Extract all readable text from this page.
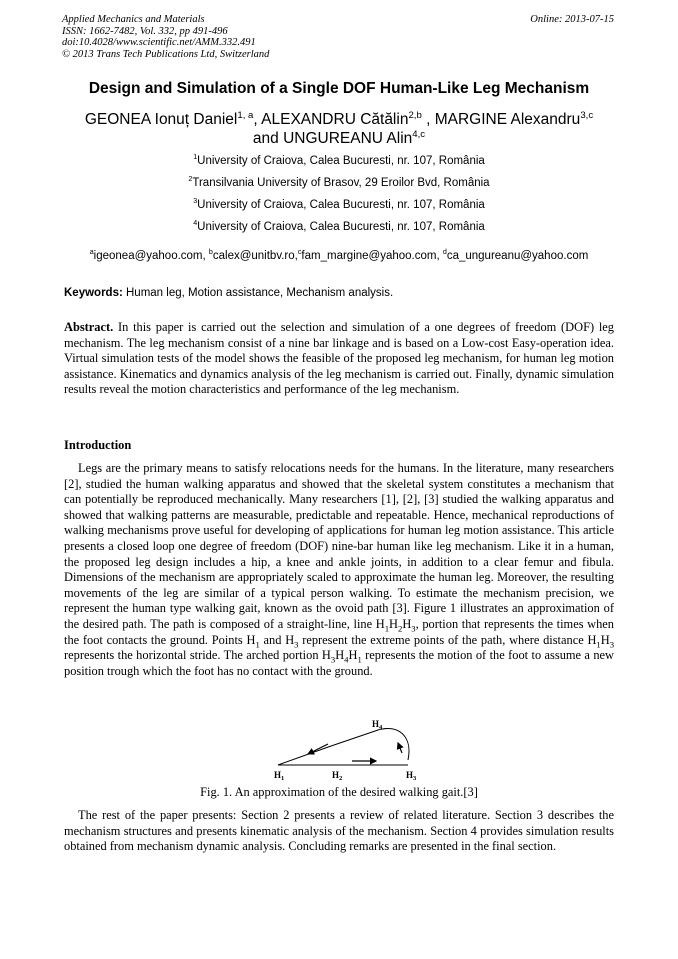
Applied Mechanics and Materials
ISSN: 1662-7482, Vol. 332, pp 491-496
doi:10.4028/www.scientific.net/AMM.332.491
© 2013 Trans Tech Publications Ltd, Switzerland
Online: 2013-07-15
Design and Simulation of a Single DOF Human-Like Leg Mechanism
GEONEA Ionuț Daniel$^{1, a}$, ALEXANDRU Cătălin$^{2,b}$ , MARGINE Alexandru$^{3,c}$
and UNGUREANU Alin$^{4,c}$
$^1$University of Craiova, Calea Bucuresti, nr. 107, România
$^2$Transilvania University of Brasov, 29 Eroilor Bvd, România
$^3$University of Craiova, Calea Bucuresti, nr. 107, România
$^4$University of Craiova, Calea Bucuresti, nr. 107, România
$^a$igeonea@yahoo.com, $^b$calex@unitbv.ro,$^c$fam_margine@yahoo.com, $^d$ca_ungureanu@yahoo.com
Keywords: Human leg, Motion assistance, Mechanism analysis.
Abstract. In this paper is carried out the selection and simulation of a one degrees of freedom (DOF) leg mechanism. The leg mechanism consist of a nine bar linkage and is based on a Low-cost Easy-operation idea. Virtual simulation tests of the model shows the feasible of the proposed leg mechanism, for human leg motion assistance. Kinematics and dynamics analysis of the leg mechanism is carried out. Finally, dynamic simulation results reveal the motion characteristics and performance of the leg mechanism.
Introduction
Legs are the primary means to satisfy relocations needs for the humans. In the literature, many researchers [2], studied the human walking apparatus and showed that the skeletal system constitutes a mechanism that can potentially be reproduced mechanically. Many researchers [1], [2], [3] studied the walking apparatus and showed that walking patterns are measurable, predictable and repeatable. Hence, mechanical reproductions of walking mechanisms prove useful for developing of applications for human leg motion assistance. This article presents a closed loop one degree of freedom (DOF) nine-bar human like leg mechanism. Like it in a human, the proposed leg design includes a hip, a knee and ankle joints, in addition to a clear femur and fibula. Dimensions of the mechanism are appropriately scaled to approximate the human leg. Moreover, the resulting movements of the leg are similar of a typical person walking. To estimate the mechanism precision, we represent the human type walking gait, known as the ovoid path [3]. Figure 1 illustrates an approximation of the desired path. The path is composed of a straight-line, line $H_1H_2H_3$, portion that represents the times when the foot contacts the ground. Points $H_1$ and $H_3$ represent the extreme points of the path, where distance $H_1H_3$ represents the horizontal stride. The arched portion $H_3H_4H_1$ represents the motion of the foot to assume a new position trough which the foot has no contact with the ground.
$H_4$
$H_1$	$H_2$	$H_3$
Fig. 1. An approximation of the desired walking gait.[3]
The rest of the paper presents: Section 2 presents a review of related literature. Section 3 describes the mechanism structures and presents kinematic analysis of the mechanism. Section 4 provides simulation results obtained from mechanism dynamic analysis. Concluding remarks are presented in the final section.
